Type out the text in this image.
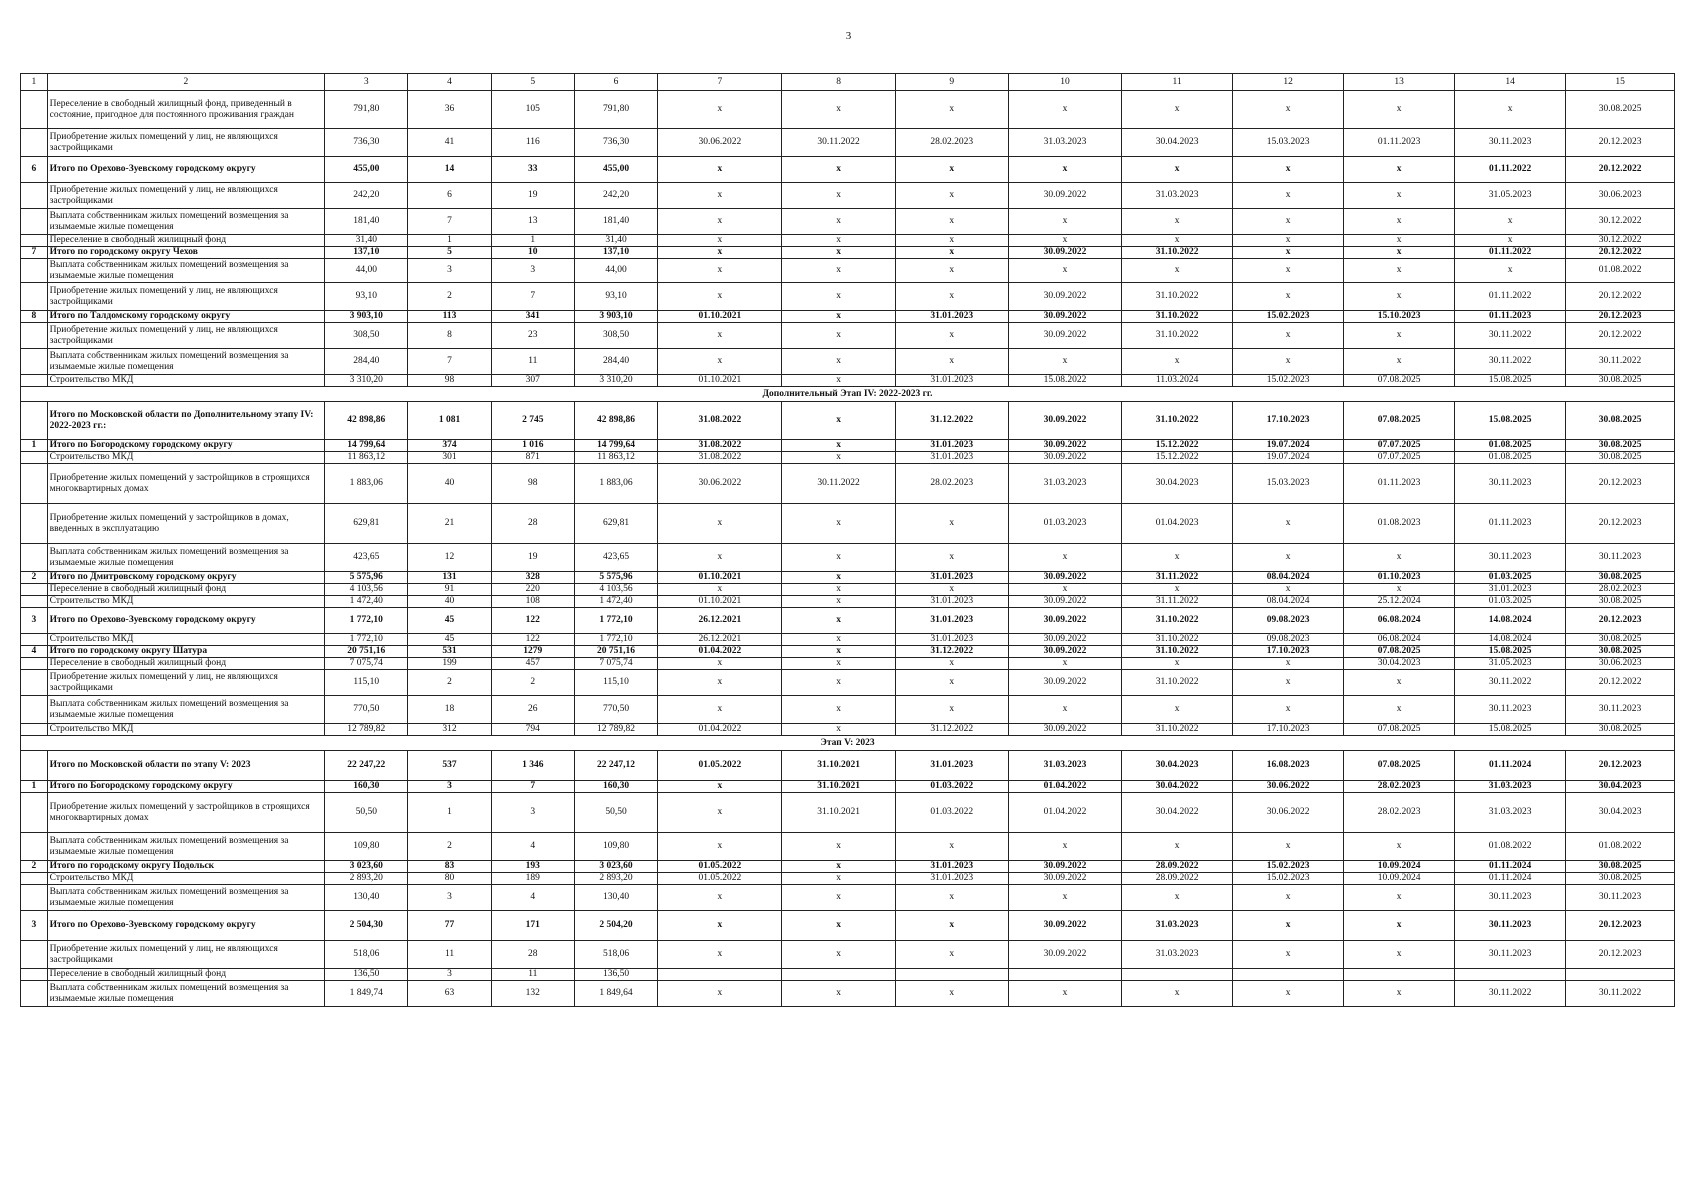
3
1	2	3	4	5	6	7	8	9	10	11	12	13	14	15
	Переселение в свободный жилищный фонд, приведенный в состояние, пригодное для постоянного проживания граждан	791,80	36	105	791,80	x	x	x	x	x	x	x	x	30.08.2025
	Приобретение жилых помещений у лиц, не являющихся застройщиками	736,30	41	116	736,30	30.06.2022	30.11.2022	28.02.2023	31.03.2023	30.04.2023	15.03.2023	01.11.2023	30.11.2023	20.12.2023
6	Итого по Орехово-Зуевскому городскому округу	455,00	14	33	455,00	x	x	x	x	x	x	x	01.11.2022	20.12.2022
	Приобретение жилых помещений у лиц, не являющихся застройщиками	242,20	6	19	242,20	x	x	x	30.09.2022	31.03.2023	x	x	31.05.2023	30.06.2023
	Выплата собственникам жилых помещений возмещения за изымаемые жилые помещения	181,40	7	13	181,40	x	x	x	x	x	x	x	x	30.12.2022
	Переселение в свободный жилищный фонд	31,40	1	1	31,40	x	x	x	x	x	x	x	x	30.12.2022
7	Итого по городскому округу Чехов	137,10	5	10	137,10	x	x	x	30.09.2022	31.10.2022	x	x	01.11.2022	20.12.2022
	Выплата собственникам жилых помещений возмещения за изымаемые жилые помещения	44,00	3	3	44,00	x	x	x	x	x	x	x	x	01.08.2022
	Приобретение жилых помещений у лиц, не являющихся застройщиками	93,10	2	7	93,10	x	x	x	30.09.2022	31.10.2022	x	x	01.11.2022	20.12.2022
8	Итого по Талдомскому городскому округу	3 903,10	113	341	3 903,10	01.10.2021	x	31.01.2023	30.09.2022	31.10.2022	15.02.2023	15.10.2023	01.11.2023	20.12.2023
	Приобретение жилых помещений у лиц, не являющихся застройщиками	308,50	8	23	308,50	x	x	x	30.09.2022	31.10.2022	x	x	30.11.2022	20.12.2022
	Выплата собственникам жилых помещений возмещения за изымаемые жилые помещения	284,40	7	11	284,40	x	x	x	x	x	x	x	30.11.2022	30.11.2022
	Строительство МКД	3 310,20	98	307	3 310,20	01.10.2021	x	31.01.2023	15.08.2022	11.03.2024	15.02.2023	07.08.2025	15.08.2025	30.08.2025
Дополнительный Этап IV: 2022-2023 гг.														
	Итого по Московской области по Дополнительному этапу IV: 2022-2023 гг.:	42 898,86	1 081	2 745	42 898,86	31.08.2022	x	31.12.2022	30.09.2022	31.10.2022	17.10.2023	07.08.2025	15.08.2025	30.08.2025
1	Итого по Богородскому городскому округу	14 799,64	374	1 016	14 799,64	31.08.2022	x	31.01.2023	30.09.2022	15.12.2022	19.07.2024	07.07.2025	01.08.2025	30.08.2025
	Строительство МКД	11 863,12	301	871	11 863,12	31.08.2022	x	31.01.2023	30.09.2022	15.12.2022	19.07.2024	07.07.2025	01.08.2025	30.08.2025
	Приобретение жилых помещений у застройщиков в строящихся многоквартирных домах	1 883,06	40	98	1 883,06	30.06.2022	30.11.2022	28.02.2023	31.03.2023	30.04.2023	15.03.2023	01.11.2023	30.11.2023	20.12.2023
	Приобретение жилых помещений у застройщиков в домах, введенных в эксплуатацию	629,81	21	28	629,81	x	x	x	01.03.2023	01.04.2023	x	01.08.2023	01.11.2023	20.12.2023
	Выплата собственникам жилых помещений возмещения за изымаемые жилые помещения	423,65	12	19	423,65	x	x	x	x	x	x	x	30.11.2023	30.11.2023
2	Итого по Дмитровскому городскому округу	5 575,96	131	328	5 575,96	01.10.2021	x	31.01.2023	30.09.2022	31.11.2022	08.04.2024	01.10.2023	01.03.2025	30.08.2025
	Переселение в свободный жилищный фонд	4 103,56	91	220	4 103,56	x	x	x	x	x	x	x	31.01.2023	28.02.2023
	Строительство МКД	1 472,40	40	108	1 472,40	01.10.2021	x	31.01.2023	30.09.2022	31.11.2022	08.04.2024	25.12.2024	01.03.2025	30.08.2025
3	Итого по Орехово-Зуевскому городскому округу	1 772,10	45	122	1 772,10	26.12.2021	x	31.01.2023	30.09.2022	31.10.2022	09.08.2023	06.08.2024	14.08.2024	20.12.2023
	Строительство МКД	1 772,10	45	122	1 772,10	26.12.2021	x	31.01.2023	30.09.2022	31.10.2022	09.08.2023	06.08.2024	14.08.2024	30.08.2025
4	Итого по городскому округу Шатура	20 751,16	531	1279	20 751,16	01.04.2022	x	31.12.2022	30.09.2022	31.10.2022	17.10.2023	07.08.2025	15.08.2025	30.08.2025
	Переселение в свободный жилищный фонд	7 075,74	199	457	7 075,74	x	x	x	x	x	x	30.04.2023	31.05.2023	30.06.2023
	Приобретение жилых помещений у лиц, не являющихся застройщиками	115,10	2	2	115,10	x	x	x	30.09.2022	31.10.2022	x	x	30.11.2022	20.12.2022
	Выплата собственникам жилых помещений возмещения за изымаемые жилые помещения	770,50	18	26	770,50	x	x	x	x	x	x	x	30.11.2023	30.11.2023
	Строительство МКД	12 789,82	312	794	12 789,82	01.04.2022	x	31.12.2022	30.09.2022	31.10.2022	17.10.2023	07.08.2025	15.08.2025	30.08.2025
Этап V: 2023														
	Итого по Московской области по этапу V: 2023	22 247,22	537	1 346	22 247,12	01.05.2022	31.10.2021	31.01.2023	31.03.2023	30.04.2023	16.08.2023	07.08.2025	01.11.2024	20.12.2023
1	Итого по Богородскому городскому округу	160,30	3	7	160,30	x	31.10.2021	01.03.2022	01.04.2022	30.04.2022	30.06.2022	28.02.2023	31.03.2023	30.04.2023
	Приобретение жилых помещений у застройщиков в строящихся многоквартирных домах	50,50	1	3	50,50	x	31.10.2021	01.03.2022	01.04.2022	30.04.2022	30.06.2022	28.02.2023	31.03.2023	30.04.2023
	Выплата собственникам жилых помещений возмещения за изымаемые жилые помещения	109,80	2	4	109,80	x	x	x	x	x	x	x	01.08.2022	01.08.2022
2	Итого по городскому округу Подольск	3 023,60	83	193	3 023,60	01.05.2022	x	31.01.2023	30.09.2022	28.09.2022	15.02.2023	10.09.2024	01.11.2024	30.08.2025
	Строительство МКД	2 893,20	80	189	2 893,20	01.05.2022	x	31.01.2023	30.09.2022	28.09.2022	15.02.2023	10.09.2024	01.11.2024	30.08.2025
	Выплата собственникам жилых помещений возмещения за изымаемые жилые помещения	130,40	3	4	130,40	x	x	x	x	x	x	x	30.11.2023	30.11.2023
3	Итого по Орехово-Зуевскому городскому округу	2 504,30	77	171	2 504,20	x	x	x	30.09.2022	31.03.2023	x	x	30.11.2023	20.12.2023
	Приобретение жилых помещений у лиц, не являющихся застройщиками	518,06	11	28	518,06	x	x	x	30.09.2022	31.03.2023	x	x	30.11.2023	20.12.2023
	Переселение в свободный жилищный фонд	136,50	3	11	136,50									
	Выплата собственникам жилых помещений возмещения за изымаемые жилые помещения	1 849,74	63	132	1 849,64	x	x	x	x	x	x	x	30.11.2022	30.11.2022
